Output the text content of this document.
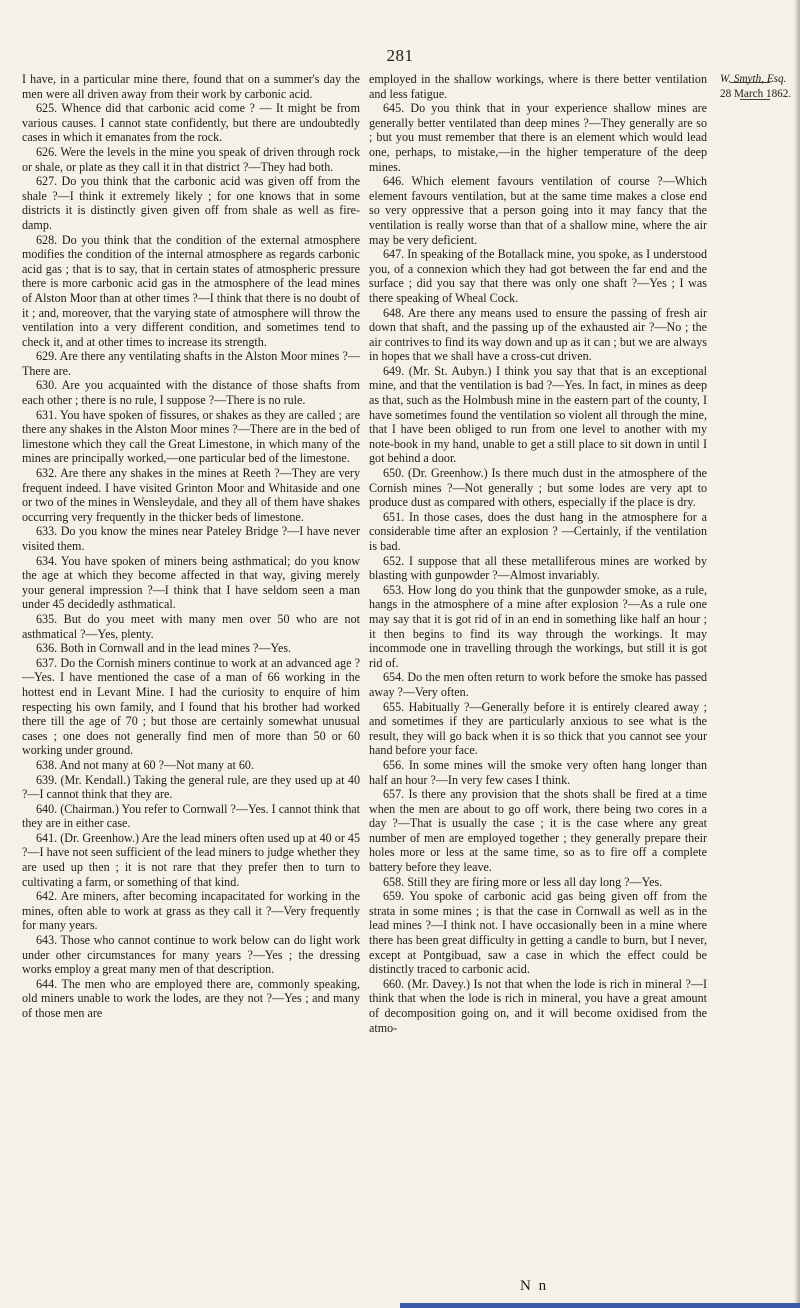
281
W. Smyth, Esq.
28 March 1862.

I have, in a particular mine there, found that on a summer's day the men were all driven away from their work by carbonic acid.

625. Whence did that carbonic acid come ? — It might be from various causes. I cannot state confidently, but there are undoubtedly cases in which it emanates from the rock.

626. Were the levels in the mine you speak of driven through rock or shale, or plate as they call it in that district ?—They had both.

627. Do you think that the carbonic acid was given off from the shale ?—I think it extremely likely ; for one knows that in some districts it is distinctly given given off from shale as well as fire-damp.

628. Do you think that the condition of the external atmosphere modifies the condition of the internal atmosphere as regards carbonic acid gas ; that is to say, that in certain states of atmospheric pressure there is more carbonic acid gas in the atmosphere of the lead mines of Alston Moor than at other times ?—I think that there is no doubt of it ; and, moreover, that the varying state of atmosphere will throw the ventilation into a very different condition, and sometimes tend to check it, and at other times to increase its strength.

629. Are there any ventilating shafts in the Alston Moor mines ?—There are.

630. Are you acquainted with the distance of those shafts from each other ; there is no rule, I suppose ?—There is no rule.

631. You have spoken of fissures, or shakes as they are called ; are there any shakes in the Alston Moor mines ?—There are in the bed of limestone which they call the Great Limestone, in which many of the mines are principally worked,—one particular bed of the limestone.

632. Are there any shakes in the mines at Reeth ?—They are very frequent indeed. I have visited Grinton Moor and Whitaside and one or two of the mines in Wensleydale, and they all of them have shakes occurring very frequently in the thicker beds of limestone.

633. Do you know the mines near Pateley Bridge ?—I have never visited them.

634. You have spoken of miners being asthmatical; do you know the age at which they become affected in that way, giving merely your general impression ?—I think that I have seldom seen a man under 45 decidedly asthmatical.

635. But do you meet with many men over 50 who are not asthmatical ?—Yes, plenty.

636. Both in Cornwall and in the lead mines ?—Yes.

637. Do the Cornish miners continue to work at an advanced age ?—Yes. I have mentioned the case of a man of 66 working in the hottest end in Levant Mine. I had the curiosity to enquire of him respecting his own family, and I found that his brother had worked there till the age of 70 ; but those are certainly somewhat unusual cases ; one does not generally find men of more than 50 or 60 working under ground.

638. And not many at 60 ?—Not many at 60.

639. (Mr. Kendall.) Taking the general rule, are they used up at 40 ?—I cannot think that they are.

640. (Chairman.) You refer to Cornwall ?—Yes. I cannot think that they are in either case.

641. (Dr. Greenhow.) Are the lead miners often used up at 40 or 45 ?—I have not seen sufficient of the lead miners to judge whether they are used up then ; it is not rare that they prefer then to turn to cultivating a farm, or something of that kind.

642. Are miners, after becoming incapacitated for working in the mines, often able to work at grass as they call it ?—Very frequently for many years.

643. Those who cannot continue to work below can do light work under other circumstances for many years ?—Yes ; the dressing works employ a great many men of that description.

644. The men who are employed there are, commonly speaking, old miners unable to work the lodes, are they not ?—Yes ; and many of those men are

employed in the shallow workings, where is there better ventilation and less fatigue.

645. Do you think that in your experience shallow mines are generally better ventilated than deep mines ?—They generally are so ; but you must remember that there is an element which would lead one, perhaps, to mistake,—in the higher temperature of the deep mines.

646. Which element favours ventilation of course ?—Which element favours ventilation, but at the same time makes a close end so very oppressive that a person going into it may fancy that the ventilation is really worse than that of a shallow mine, where the air may be very deficient.

647. In speaking of the Botallack mine, you spoke, as I understood you, of a connexion which they had got between the far end and the surface ; did you say that there was only one shaft ?—Yes ; I was there speaking of Wheal Cock.

648. Are there any means used to ensure the passing of fresh air down that shaft, and the passing up of the exhausted air ?—No ; the air contrives to find its way down and up as it can ; but we are always in hopes that we shall have a cross-cut driven.

649. (Mr. St. Aubyn.) I think you say that that is an exceptional mine, and that the ventilation is bad ?—Yes. In fact, in mines as deep as that, such as the Holmbush mine in the eastern part of the county, I have sometimes found the ventilation so violent all through the mine, that I have been obliged to run from one level to another with my note-book in my hand, unable to get a still place to sit down in until I got behind a door.

650. (Dr. Greenhow.) Is there much dust in the atmosphere of the Cornish mines ?—Not generally ; but some lodes are very apt to produce dust as compared with others, especially if the place is dry.

651. In those cases, does the dust hang in the atmosphere for a considerable time after an explosion ? —Certainly, if the ventilation is bad.

652. I suppose that all these metalliferous mines are worked by blasting with gunpowder ?—Almost invariably.

653. How long do you think that the gunpowder smoke, as a rule, hangs in the atmosphere of a mine after explosion ?—As a rule one may say that it is got rid of in an end in something like half an hour ; it then begins to find its way through the workings. It may incommode one in travelling through the workings, but still it is got rid of.

654. Do the men often return to work before the smoke has passed away ?—Very often.

655. Habitually ?—Generally before it is entirely cleared away ; and sometimes if they are particularly anxious to see what is the result, they will go back when it is so thick that you cannot see your hand before your face.

656. In some mines will the smoke very often hang longer than half an hour ?—In very few cases I think.

657. Is there any provision that the shots shall be fired at a time when the men are about to go off work, there being two cores in a day ?—That is usually the case ; it is the case where any great number of men are employed together ; they generally prepare their holes more or less at the same time, so as to fire off a complete battery before they leave.

658. Still they are firing more or less all day long ?—Yes.

659. You spoke of carbonic acid gas being given off from the strata in some mines ; is that the case in Cornwall as well as in the lead mines ?—I think not. I have occasionally been in a mine where there has been great difficulty in getting a candle to burn, but I never, except at Pontgibuad, saw a case in which the effect could be distinctly traced to carbonic acid.

660. (Mr. Davey.) Is not that when the lode is rich in mineral ?—I think that when the lode is rich in mineral, you have a great amount of decomposition going on, and it will become oxidised from the atmo-

N n
